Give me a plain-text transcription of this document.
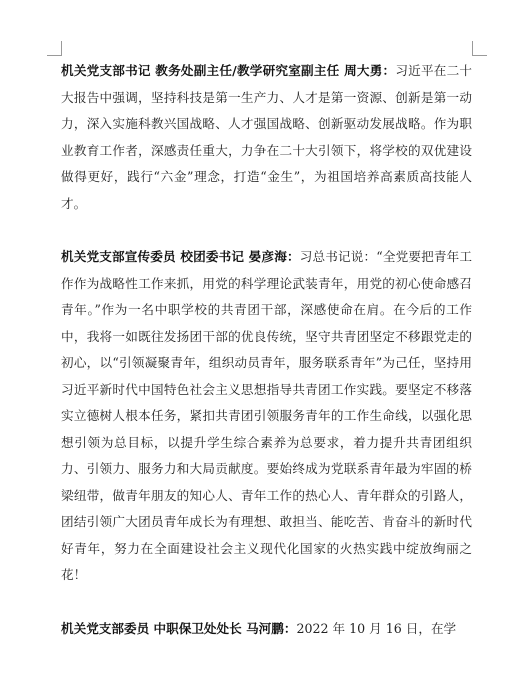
机关党支部书记 教务处副主任/教学研究室副主任 周大勇：习近平在二十大报告中强调，坚持科技是第一生产力、人才是第一资源、创新是第一动力，深入实施科教兴国战略、人才强国战略、创新驱动发展战略。作为职业教育工作者，深感责任重大，力争在二十大引领下，将学校的双优建设做得更好，践行“六金”理念，打造“金生”，为祖国培养高素质高技能人才。

机关党支部宣传委员 校团委书记 晏彦海：习总书记说：“全党要把青年工作作为战略性工作来抓，用党的科学理论武装青年，用党的初心使命感召青年。”作为一名中职学校的共青团干部，深感使命在肩。在今后的工作中，我将一如既往发扬团干部的优良传统，坚守共青团坚定不移跟党走的初心，以“引领凝聚青年，组织动员青年，服务联系青年”为己任，坚持用习近平新时代中国特色社会主义思想指导共青团工作实践。要坚定不移落实立德树人根本任务，紧扣共青团引领服务青年的工作生命线，以强化思想引领为总目标，以提升学生综合素养为总要求，着力提升共青团组织力、引领力、服务力和大局贡献度。要始终成为党联系青年最为牢固的桥梁纽带，做青年朋友的知心人、青年工作的热心人、青年群众的引路人，团结引领广大团员青年成长为有理想、敢担当、能吃苦、肯奋斗的新时代好青年，努力在全面建设社会主义现代化国家的火热实践中绽放绚丽之花！

机关党支部委员 中职保卫处处长 马河鹏：2022 年 10 月 16 日，在学
